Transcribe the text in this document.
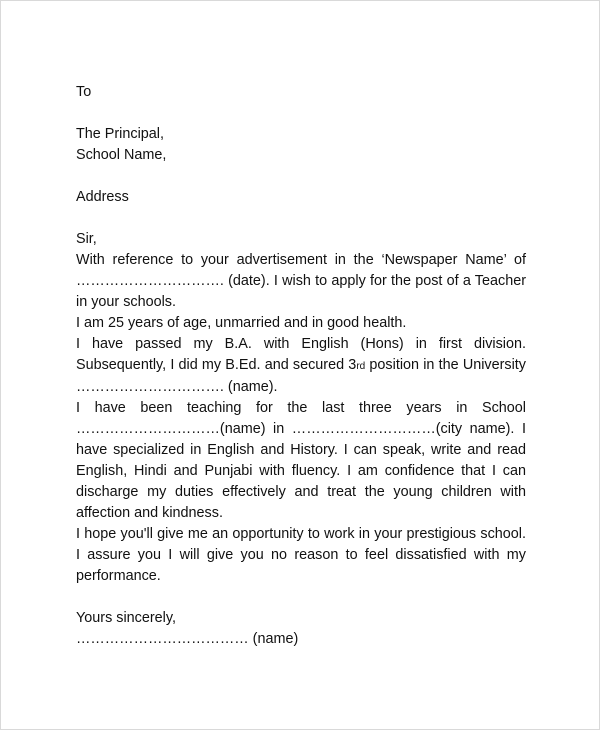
To
The Principal,
School Name,
Address
Sir,
With reference to your advertisement in the ‘Newspaper Name’ of …………………………. (date). I wish to apply for the post of a Teacher in your schools.
I am 25 years of age, unmarried and in good health.
I have passed my B.A. with English (Hons) in first division. Subsequently, I did my B.Ed. and secured 3rd position in the University …………………………. (name).
I have been teaching for the last three years in School …………………………(name) in …………………………(city name). I have specialized in English and History. I can speak, write and read English, Hindi and Punjabi with fluency. I am confidence that I can discharge my duties effectively and treat the young children with affection and kindness.
I hope you'll give me an opportunity to work in your prestigious school. I assure you I will give you no reason to feel dissatisfied with my performance.
Yours sincerely,
……………………………… (name)
